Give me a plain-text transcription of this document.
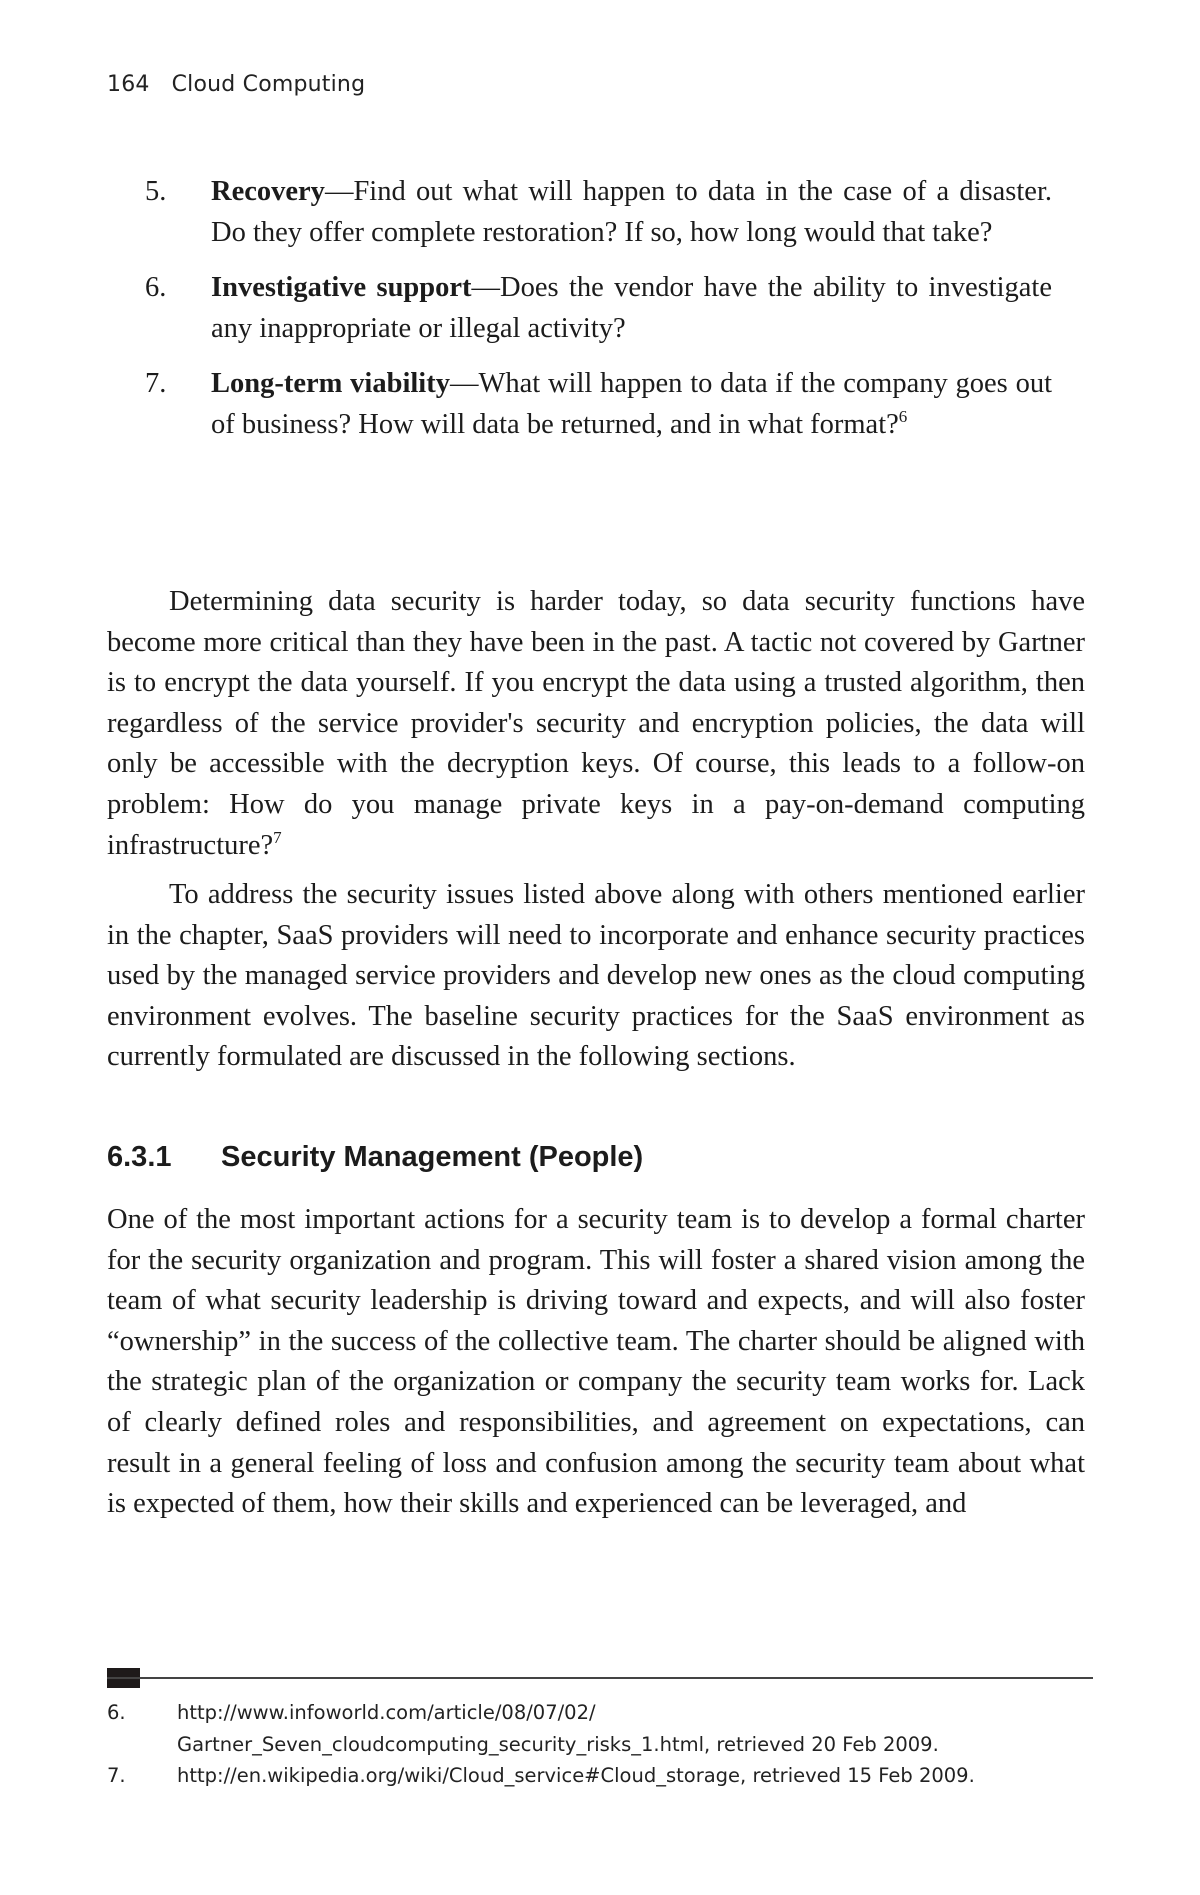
164 Cloud Computing
5. Recovery—Find out what will happen to data in the case of a disaster. Do they offer complete restoration? If so, how long would that take?
6. Investigative support—Does the vendor have the ability to investigate any inappropriate or illegal activity?
7. Long-term viability—What will happen to data if the company goes out of business? How will data be returned, and in what format?$^6$

Determining data security is harder today, so data security functions have become more critical than they have been in the past. A tactic not covered by Gartner is to encrypt the data yourself. If you encrypt the data using a trusted algorithm, then regardless of the service provider's security and encryption policies, the data will only be accessible with the decryption keys. Of course, this leads to a follow-on problem: How do you manage private keys in a pay-on-demand computing infrastructure?$^7$

To address the security issues listed above along with others mentioned earlier in the chapter, SaaS providers will need to incorporate and enhance security practices used by the managed service providers and develop new ones as the cloud computing environment evolves. The baseline security practices for the SaaS environment as currently formulated are discussed in the following sections.

6.3.1 Security Management (People)

One of the most important actions for a security team is to develop a formal charter for the security organization and program. This will foster a shared vision among the team of what security leadership is driving toward and expects, and will also foster “ownership” in the success of the collective team. The charter should be aligned with the strategic plan of the organization or company the security team works for. Lack of clearly defined roles and responsibilities, and agreement on expectations, can result in a general feeling of loss and confusion among the security team about what is expected of them, how their skills and experienced can be leveraged, and

6.	http://www.infoworld.com/article/08/07/02/
Gartner_Seven_cloudcomputing_security_risks_1.html, retrieved 20 Feb 2009.
7.	http://en.wikipedia.org/wiki/Cloud_service#Cloud_storage, retrieved 15 Feb 2009.
